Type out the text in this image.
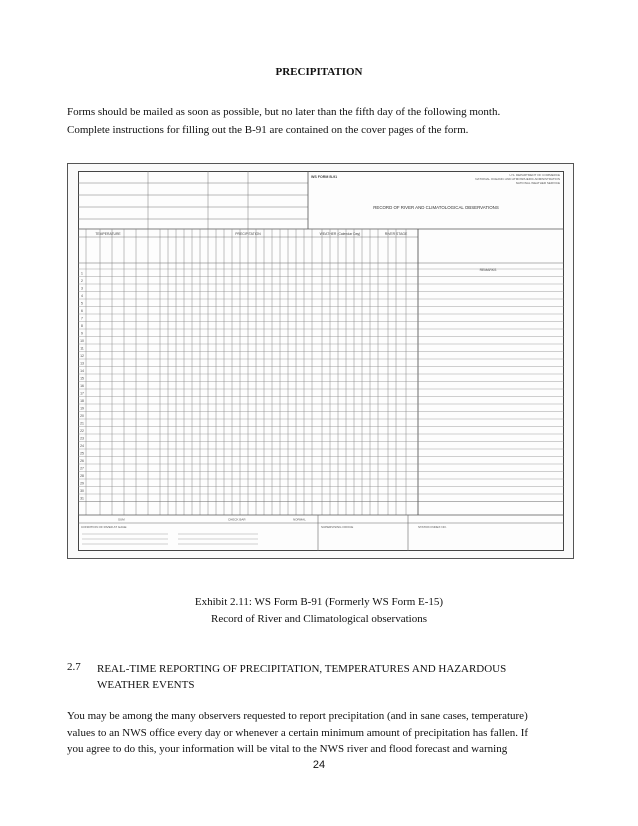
PRECIPITATION
Forms should be mailed as soon as possible, but no later than the fifth day of the following month.
Complete instructions for filling out the B-91 are contained on the cover pages of the form.
WS FORM B-91	U.S. DEPARTMENT OF COMMERCE
NATIONAL OCEANIC AND ATMOSPHERIC ADMINISTRATION
NATIONAL WEATHER SERVICE
RECORD OF RIVER AND CLIMATOLOGICAL OBSERVATIONS
TEMPERATURE	PRECIPITATION	WEATHER (Calendar Day)	RIVER STAGE
REMARKS
1
2
3
4
5
6
7
8
9
10
11
12
13
14
15
16
17
18
19
20
21
22
23
24
25
26
27
28
29
30
31
SUM	CHECK BAR	NORMAL
CONDITION OF RIVER AT GAGE	SUPERVISING OFFICE	STATION INDEX NO.
Exhibit 2.11: WS Form B-91 (Formerly WS Form E-15)
Record of River and Climatological observations
2.7 REAL-TIME REPORTING OF PRECIPITATION, TEMPERATURES AND HAZARDOUS
WEATHER EVENTS
You may be among the many observers requested to report precipitation (and in sane cases, temperature)
values to an NWS office every day or whenever a certain minimum amount of precipitation has fallen. If
you agree to do this, your information will be vital to the NWS river and flood forecast and warning
24
